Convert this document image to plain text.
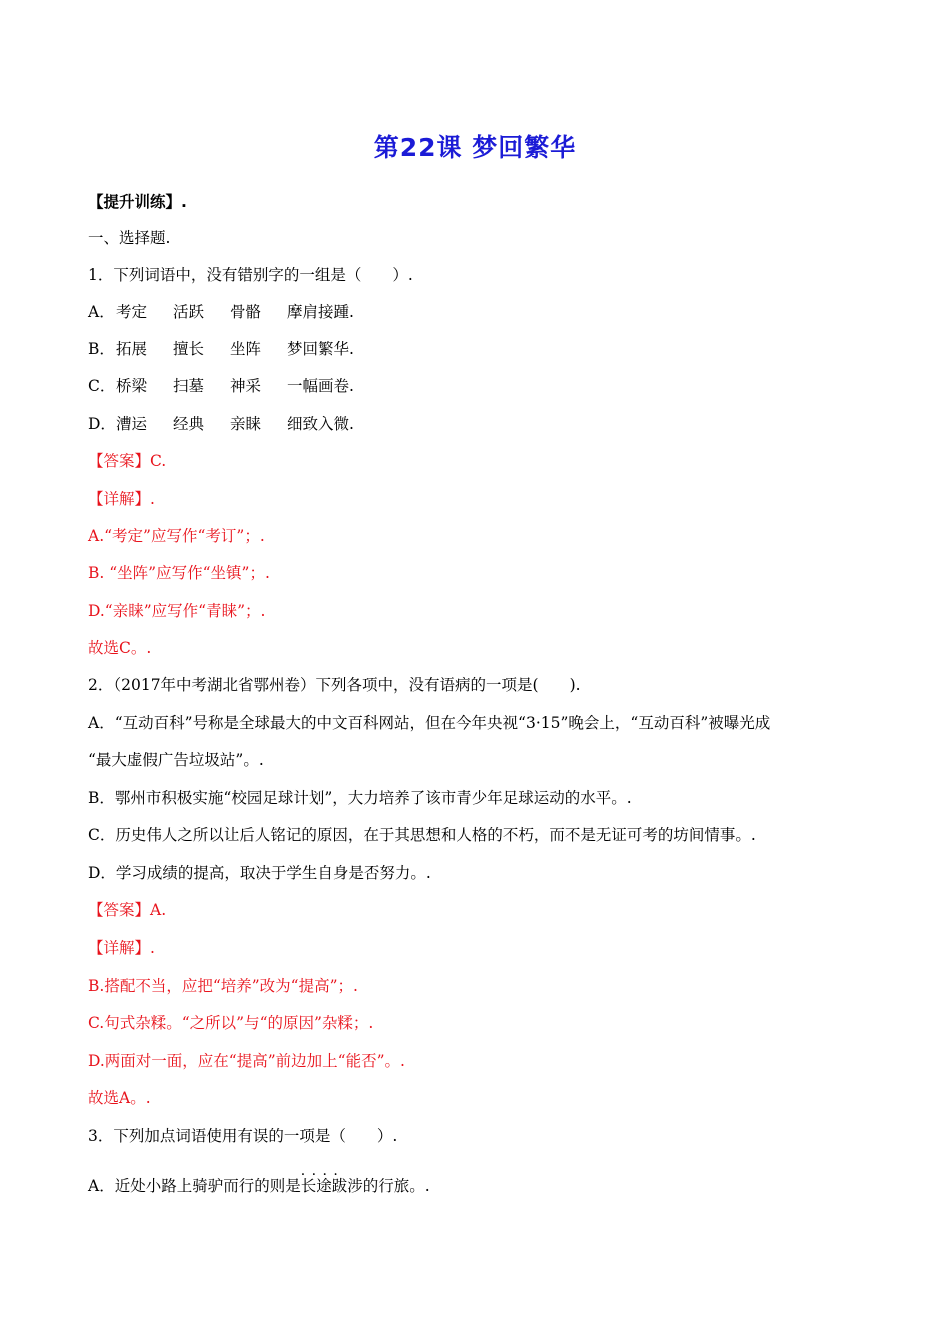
第22课 梦回繁华
【提升训练】.
一、选择题.
1．下列词语中，没有错别字的一组是（　　）.
A．考定 活跃 骨骼 摩肩接踵.
B．拓展 擅长 坐阵 梦回繁华.
C．桥梁 扫墓 神采 一幅画卷.
D．漕运 经典 亲睐 细致入微.
【答案】C.
【详解】.
A.“考定”应写作“考订”；.
B. “坐阵”应写作“坐镇”；.
D.“亲睐”应写作“青睐”；.
故选C。.
2．（2017年中考湖北省鄂州卷）下列各项中，没有语病的一项是(　　).
A．“互动百科”号称是全球最大的中文百科网站，但在今年央视“3·15”晚会上，“互动百科”被曝光成
“最大虚假广告垃圾站”。.
B．鄂州市积极实施“校园足球计划”，大力培养了该市青少年足球运动的水平。.
C．历史伟人之所以让后人铭记的原因，在于其思想和人格的不朽，而不是无证可考的坊间情事。.
D．学习成绩的提高，取决于学生自身是否努力。.
【答案】A.
【详解】.
B.搭配不当，应把“培养”改为“提高”；.
C.句式杂糅。“之所以”与“的原因”杂糅；.
D.两面对一面，应在“提高”前边加上“能否”。.
故选A。.
3．下列加点词语使用有误的一项是（　　）.
A．近处小路上骑驴而行的则是· · · · 长途跋涉的行旅。.
